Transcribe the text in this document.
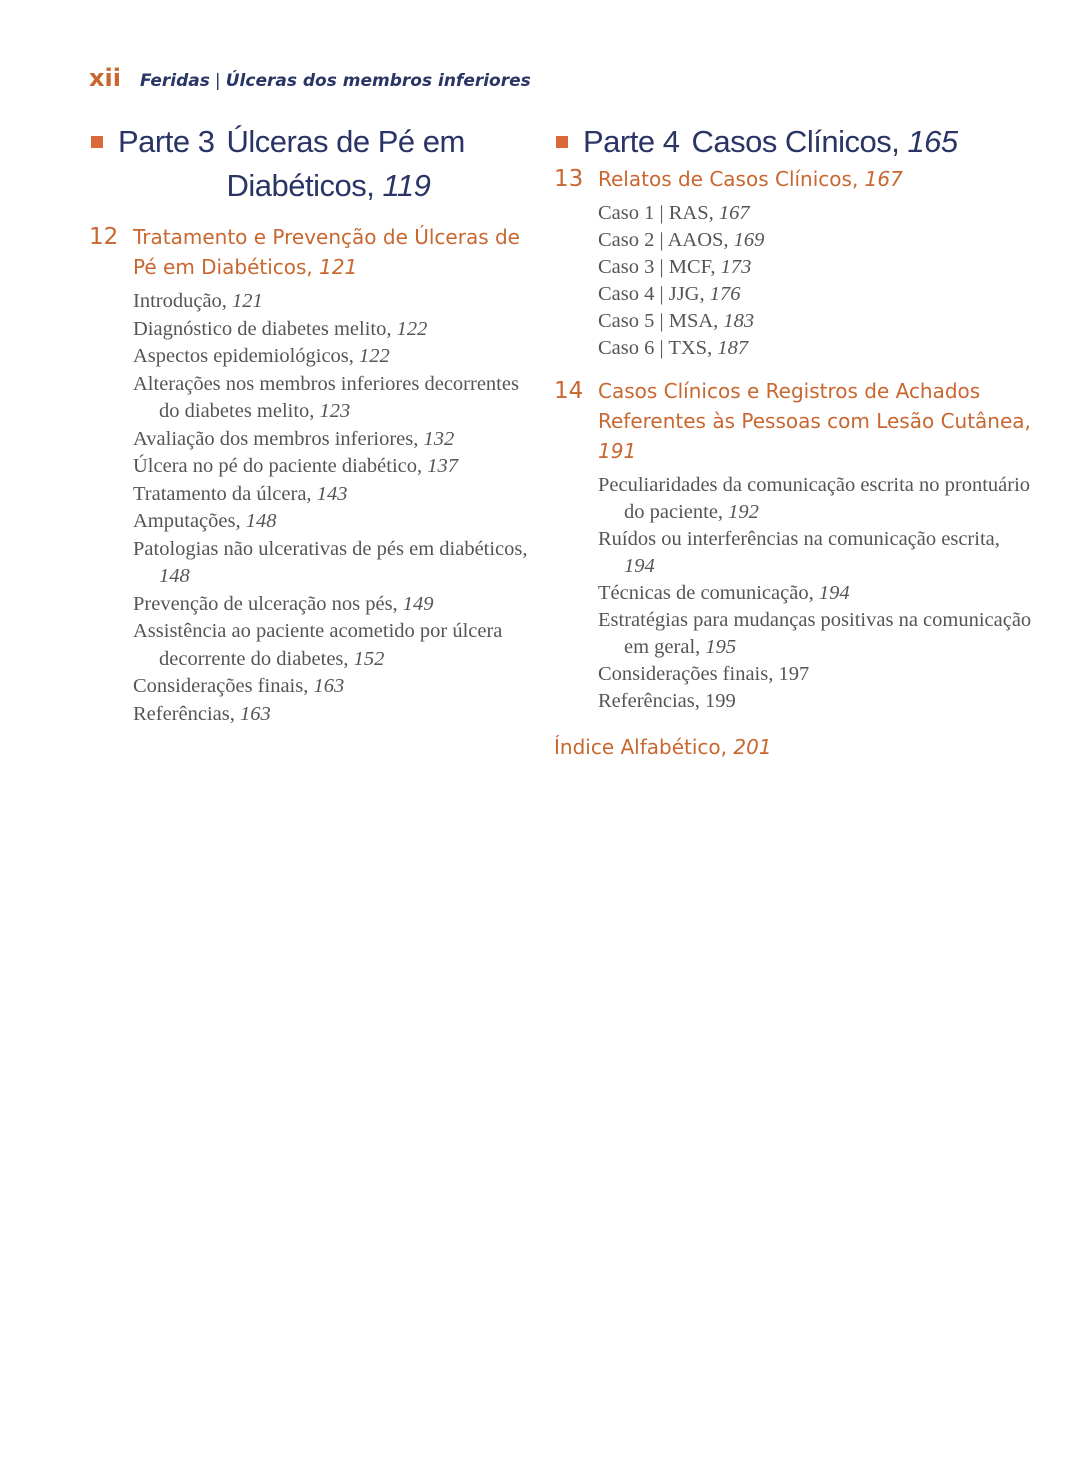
xii Feridas | Úlceras dos membros inferiores
Parte 3 Úlceras de Pé em Diabéticos, 119
12 Tratamento e Prevenção de Úlceras de Pé em Diabéticos, 121
Introdução, 121
Diagnóstico de diabetes melito, 122
Aspectos epidemiológicos, 122
Alterações nos membros inferiores decorrentes do diabetes melito, 123
Avaliação dos membros inferiores, 132
Úlcera no pé do paciente diabético, 137
Tratamento da úlcera, 143
Amputações, 148
Patologias não ulcerativas de pés em diabéticos, 148
Prevenção de ulceração nos pés, 149
Assistência ao paciente acometido por úlcera decorrente do diabetes, 152
Considerações finais, 163
Referências, 163
Parte 4 Casos Clínicos, 165
13 Relatos de Casos Clínicos, 167
Caso 1 | RAS, 167
Caso 2 | AAOS, 169
Caso 3 | MCF, 173
Caso 4 | JJG, 176
Caso 5 | MSA, 183
Caso 6 | TXS, 187
14 Casos Clínicos e Registros de Achados Referentes às Pessoas com Lesão Cutânea, 191
Peculiaridades da comunicação escrita no prontuário do paciente, 192
Ruídos ou interferências na comunicação escrita, 194
Técnicas de comunicação, 194
Estratégias para mudanças positivas na comunicação em geral, 195
Considerações finais, 197
Referências, 199
Índice Alfabético, 201
